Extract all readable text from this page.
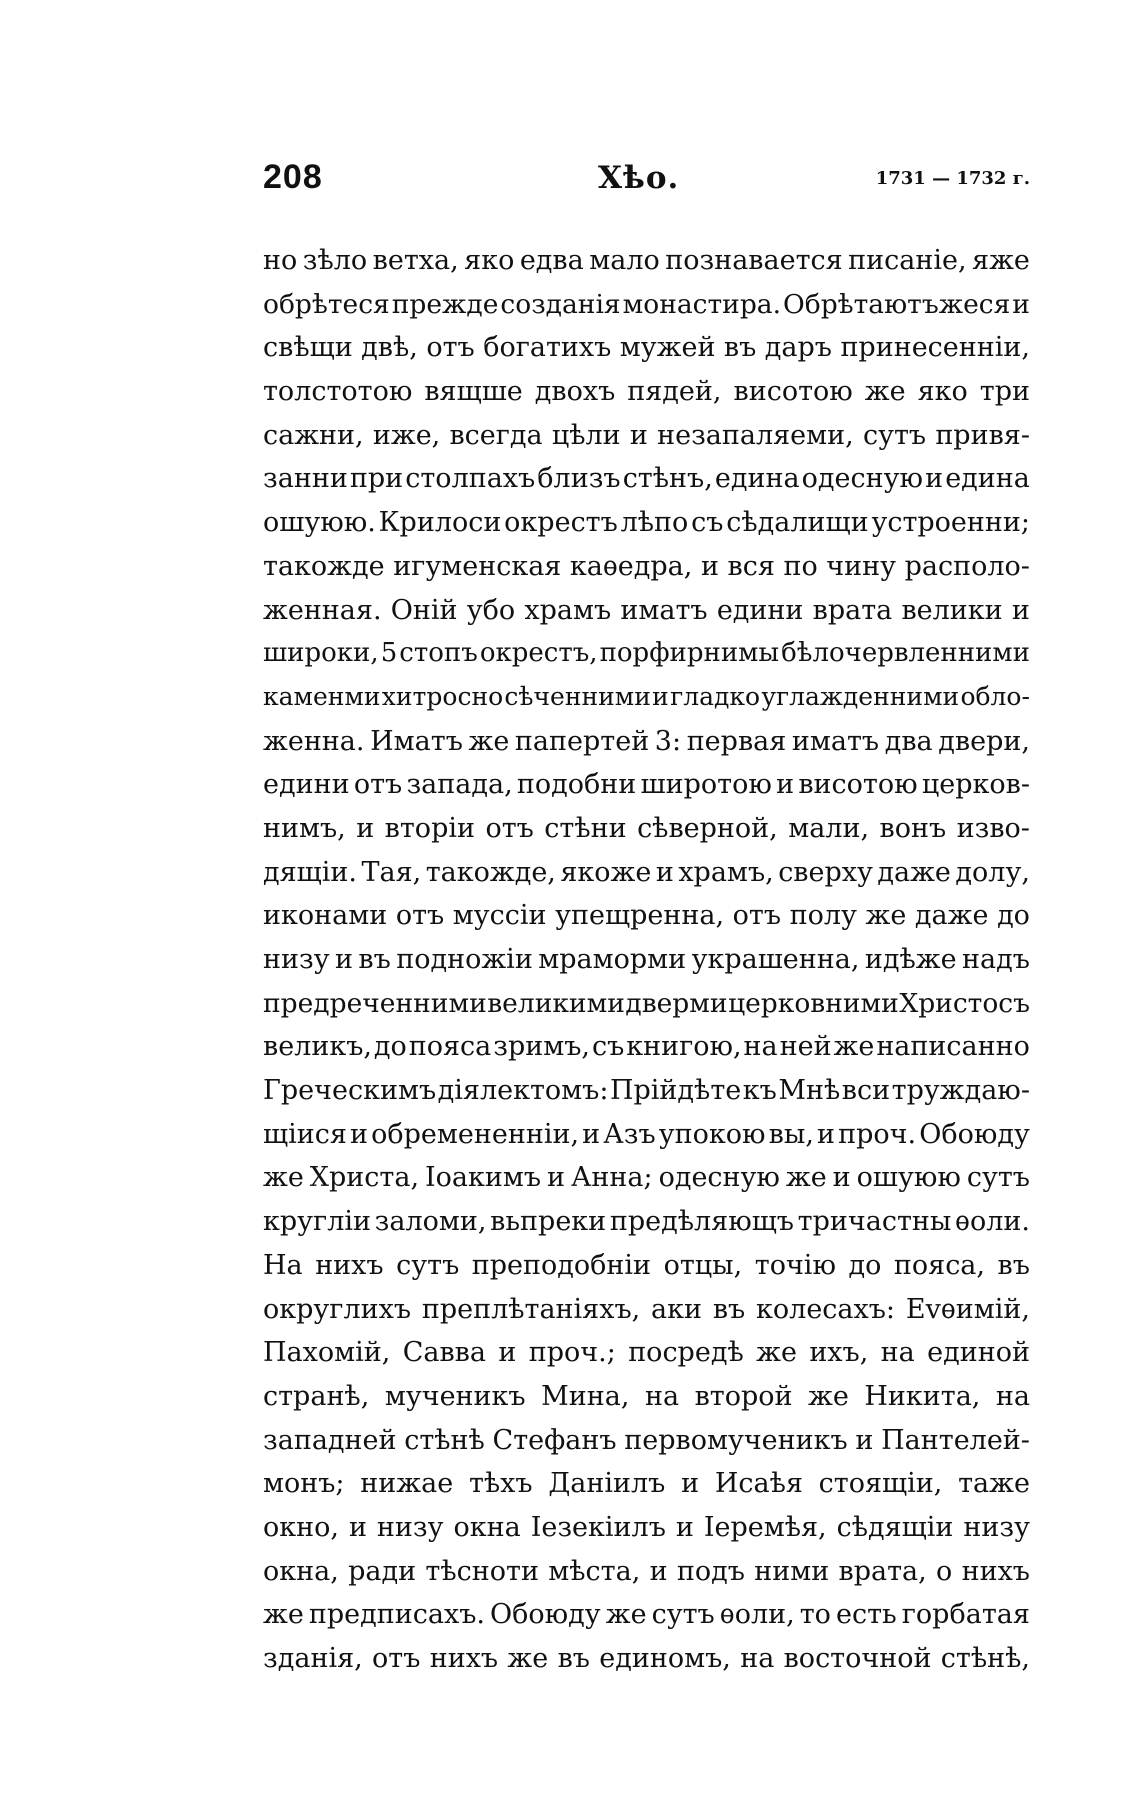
208	Хѣо.	1731 — 1732 г.
но зѣло ветха, яко едва мало познавается писаніе, яже
обрѣтеся прежде созданія монастира. Обрѣтаютъжеся и
свѣщи двѣ, отъ богатихъ мужей въ даръ принесенніи,
толстотою вящше двохъ пядей, висотою же яко три
сажни, иже, всегда цѣли и незапаляеми, сутъ привя-
занни при столпахъ близъ стѣнъ, едина одесную и едина
ошуюю. Крилоси окрестъ лѣпо съ сѣдалищи устроенни;
такожде игуменская каѳедра, и вся по чину располо-
женная. Оній убо храмъ иматъ едини врата велики и
широки, 5 стопъ окрестъ, порфирнимы бѣлочервленними
каменми хитросно сѣченними и гладко углажденними обло-
женна. Иматъ же папертей 3: первая иматъ два двери,
едини отъ запада, подобни широтою и висотою церков-
нимъ, и вторіи отъ стѣни сѣверной, мали, вонъ изво-
дящіи. Тая, такожде, якоже и храмъ, сверху даже долу,
иконами отъ муссіи упещренна, отъ полу же даже до
низу и въ подножіи мраморми украшенна, идѣже надъ
предреченними великими дверми церковними Христосъ
великъ, до пояса зримъ, съ книгою, на ней же написанно
Греческимъ діялектомъ: Прійдѣте къ Мнѣ вси труждаю-
щіися и обремененніи, и Азъ упокою вы, и проч. Обоюду
же Христа, Іоакимъ и Анна; одесную же и ошуюю сутъ
круглiи заломи, вьпреки предѣляющъ тричастны ѳоли.
На нихъ сутъ преподобніи отцы, точію до пояса, въ
округлихъ преплѣтаніяхъ, аки въ колесахъ: Еvѳимій,
Пахомій, Савва и проч.; посредѣ же ихъ, на единой
странѣ, мученикъ Мина, на второй же Никита, на
западней стѣнѣ Стефанъ первомученикъ и Пантелей-
монъ; нижае тѣхъ Даніилъ и Исаѣя стоящіи, таже
окно, и низу окна Іезекіилъ и Іеремѣя, сѣдящіи низу
окна, ради тѣсноти мѣста, и подъ ними врата, о нихъ
же предписахъ. Обоюду же сутъ ѳоли, то есть горбатая
зданія, отъ нихъ же въ единомъ, на восточной стѣнѣ,
